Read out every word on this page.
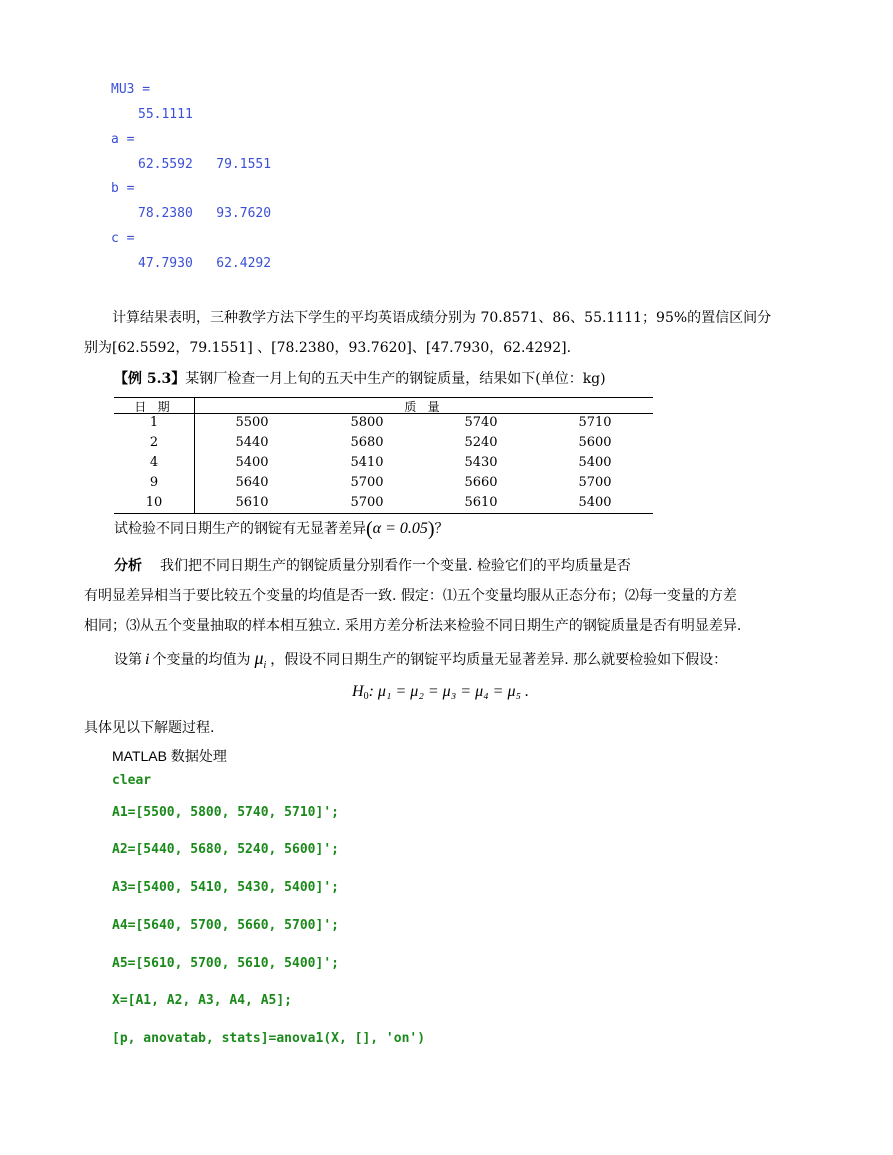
MU3 =
55.1111
a =
62.5592   79.1551
b =
78.2380   93.7620
c =
47.7930   62.4292
计算结果表明，三种教学方法下学生的平均英语成绩分别为 70.8571、86、55.1111；95%的置信区间分
别为[62.5592，79.1551] 、[78.2380，93.7620]、[47.7930，62.4292].
【例 5.3】某钢厂检查一月上旬的五天中生产的钢锭质量，结果如下(单位：kg)
日 期	质 量
1	5500	5800	5740	5710
2	5440	5680	5240	5600
4	5400	5410	5430	5400
9	5640	5700	5660	5700
10	5610	5700	5610	5400
试检验不同日期生产的钢锭有无显著差异(α = 0.05)？
分析 我们把不同日期生产的钢锭质量分别看作一个变量. 检验它们的平均质量是否
有明显差异相当于要比较五个变量的均值是否一致. 假定：⑴五个变量均服从正态分布；⑵每一变量的方差
相同；⑶从五个变量抽取的样本相互独立. 采用方差分析法来检验不同日期生产的钢锭质量是否有明显差异.
设第 i 个变量的均值为 $\mu_i$ ，假设不同日期生产的钢锭平均质量无显著差异. 那么就要检验如下假设：
$H_0$: μ₁ = μ₂ = μ₃ = μ₄ = μ₅ .
具体见以下解题过程.
MATLAB 数据处理
clear
A1=[5500, 5800, 5740, 5710]';
A2=[5440, 5680, 5240, 5600]';
A3=[5400, 5410, 5430, 5400]';
A4=[5640, 5700, 5660, 5700]';
A5=[5610, 5700, 5610, 5400]';
X=[A1, A2, A3, A4, A5];
[p, anovatab, stats]=anova1(X, [], 'on')
